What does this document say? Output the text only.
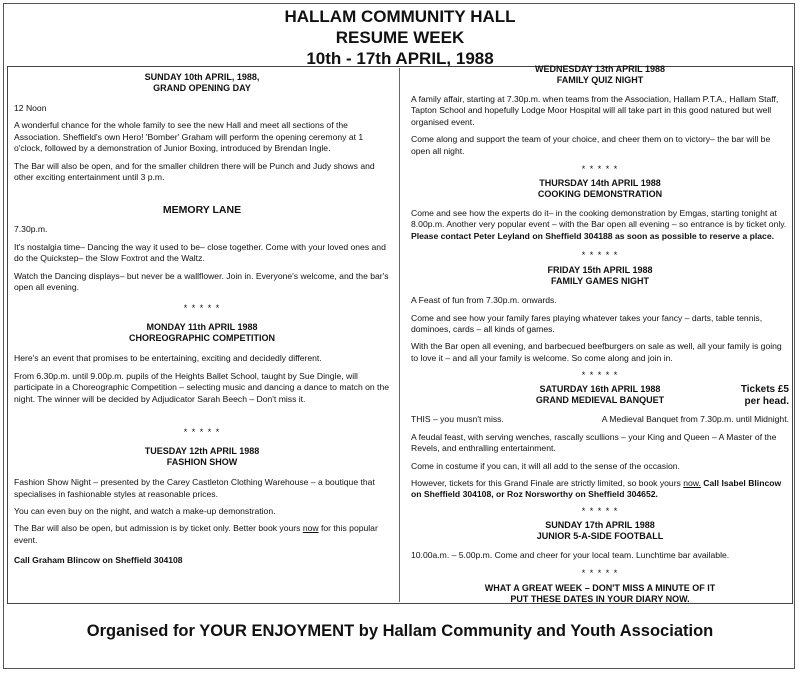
HALLAM COMMUNITY HALL
RESUME WEEK
10th - 17th APRIL, 1988
SUNDAY 10th APRIL, 1988,
GRAND OPENING DAY

12 Noon

A wonderful chance for the whole family to see the new Hall and meet all sections of the Association. Sheffield's own Hero! 'Bomber' Graham will perform the opening ceremony at 1 o'clock, followed by a demonstration of Junior Boxing, introduced by Brendan Ingle.

The Bar will also be open, and for the smaller children there will be Punch and Judy shows and other exciting entertainment until 3 p.m.

MEMORY LANE

7.30p.m.

It's nostalgia time– Dancing the way it used to be– close together. Come with your loved ones and do the Quickstep– the Slow Foxtrot and the Waltz.

Watch the Dancing displays– but never be a wallflower. Join in. Everyone's welcome, and the bar's open all evening.

* * * * *
MONDAY 11th APRIL 1988
CHOREOGRAPHIC COMPETITION

Here's an event that promises to be entertaining, exciting and decidedly different.

From 6.30p.m. until 9.00p.m. pupils of the Heights Ballet School, taught by Sue Dingle, will participate in a Choreographic Competition – selecting music and dancing a dance to match on the night. The winner will be decided by Adjudicator Sarah Beech – Don't miss it.

* * * * *
TUESDAY 12th APRIL 1988
FASHION SHOW

Fashion Show Night – presented by the Carey Castleton Clothing Warehouse – a boutique that specialises in fashionable styles at reasonable prices.

You can even buy on the night, and watch a make-up demonstration.

The Bar will also be open, but admission is by ticket only. Better book yours now for this popular event.

Call Graham Blincow on Sheffield 304108

WEDNESDAY 13th APRIL 1988
FAMILY QUIZ NIGHT

A family affair, starting at 7.30p.m. when teams from the Association, Hallam P.T.A., Hallam Staff, Tapton School and hopefully Lodge Moor Hospital will all take part in this good natured but well organised event.

Come along and support the team of your choice, and cheer them on to victory– the bar will be open all night.

* * * * *
THURSDAY 14th APRIL 1988
COOKING DEMONSTRATION

Come and see how the experts do it– in the cooking demonstration by Emgas, starting tonight at 8.00p.m. Another very popular event – with the Bar open all evening – so entrance is by ticket only. Please contact Peter Leyland on Sheffield 304188 as soon as possible to reserve a place.

* * * * *
FRIDAY 15th APRIL 1988
FAMILY GAMES NIGHT

A Feast of fun from 7.30p.m. onwards.

Come and see how your family fares playing whatever takes your fancy – darts, table tennis, dominoes, cards – all kinds of games.

With the Bar open all evening, and barbecued beefburgers on sale as well, all your family is going to love it – and all your family is welcome. So come along and join in.

* * * * *
Tickets £5
per head.
SATURDAY 16th APRIL 1988
GRAND MEDIEVAL BANQUET

THIS – you musn't miss.	A Medieval Banquet from 7.30p.m. until Midnight.

A feudal feast, with serving wenches, rascally scullions – your King and Queen – A Master of the Revels, and enthralling entertainment.

Come in costume if you can, it will all add to the sense of the occasion.

However, tickets for this Grand Finale are strictly limited, so book yours now. Call Isabel Blincow on Sheffield 304108, or Roz Norsworthy on Sheffield 304652.

* * * * *
SUNDAY 17th APRIL 1988
JUNIOR 5-A-SIDE FOOTBALL

10.00a.m. – 5.00p.m. Come and cheer for your local team. Lunchtime bar available.

* * * * *
WHAT A GREAT WEEK – DON'T MISS A MINUTE OF IT
PUT THESE DATES IN YOUR DIARY NOW.
Organised for YOUR ENJOYMENT by Hallam Community and Youth Association
